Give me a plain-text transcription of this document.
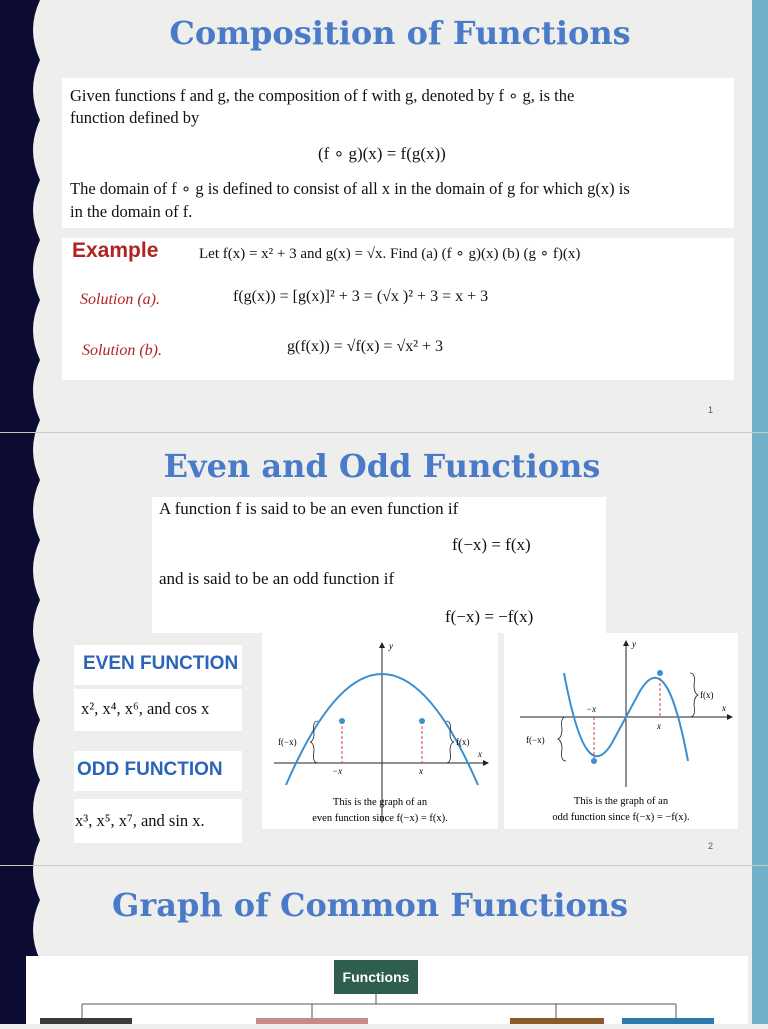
Composition of Functions
Given functions f and g, the composition of f with g, denoted by f ∘ g, is the
function defined by
(f ∘ g)(x) = f(g(x))
The domain of f ∘ g is defined to consist of all x in the domain of g for which g(x) is
in the domain of f.
Example	Let f(x) = x² + 3 and g(x) = √x. Find (a) (f ∘ g)(x) (b) (g ∘ f)(x)
Solution (a).	f(g(x)) = [g(x)]² + 3 = (√x )² + 3 = x + 3
Solution (b).	g(f(x)) = √f(x) = √x² + 3
1
Even and Odd Functions
A function f is said to be an even function if
f(−x) = f(x)
and is said to be an odd function if
f(−x) = −f(x)
EVEN FUNCTION
x², x⁴, x⁶, and cos x
ODD FUNCTION
x³, x⁵, x⁷, and sin x.
y
x
f(−x)	f(x)
−x	x
This is the graph of an
even function since f(−x) = f(x).
y
x
f(−x)
f(x)
−x
x
This is the graph of an
odd function since f(−x) = −f(x).
2
Graph of Common Functions
Functions
